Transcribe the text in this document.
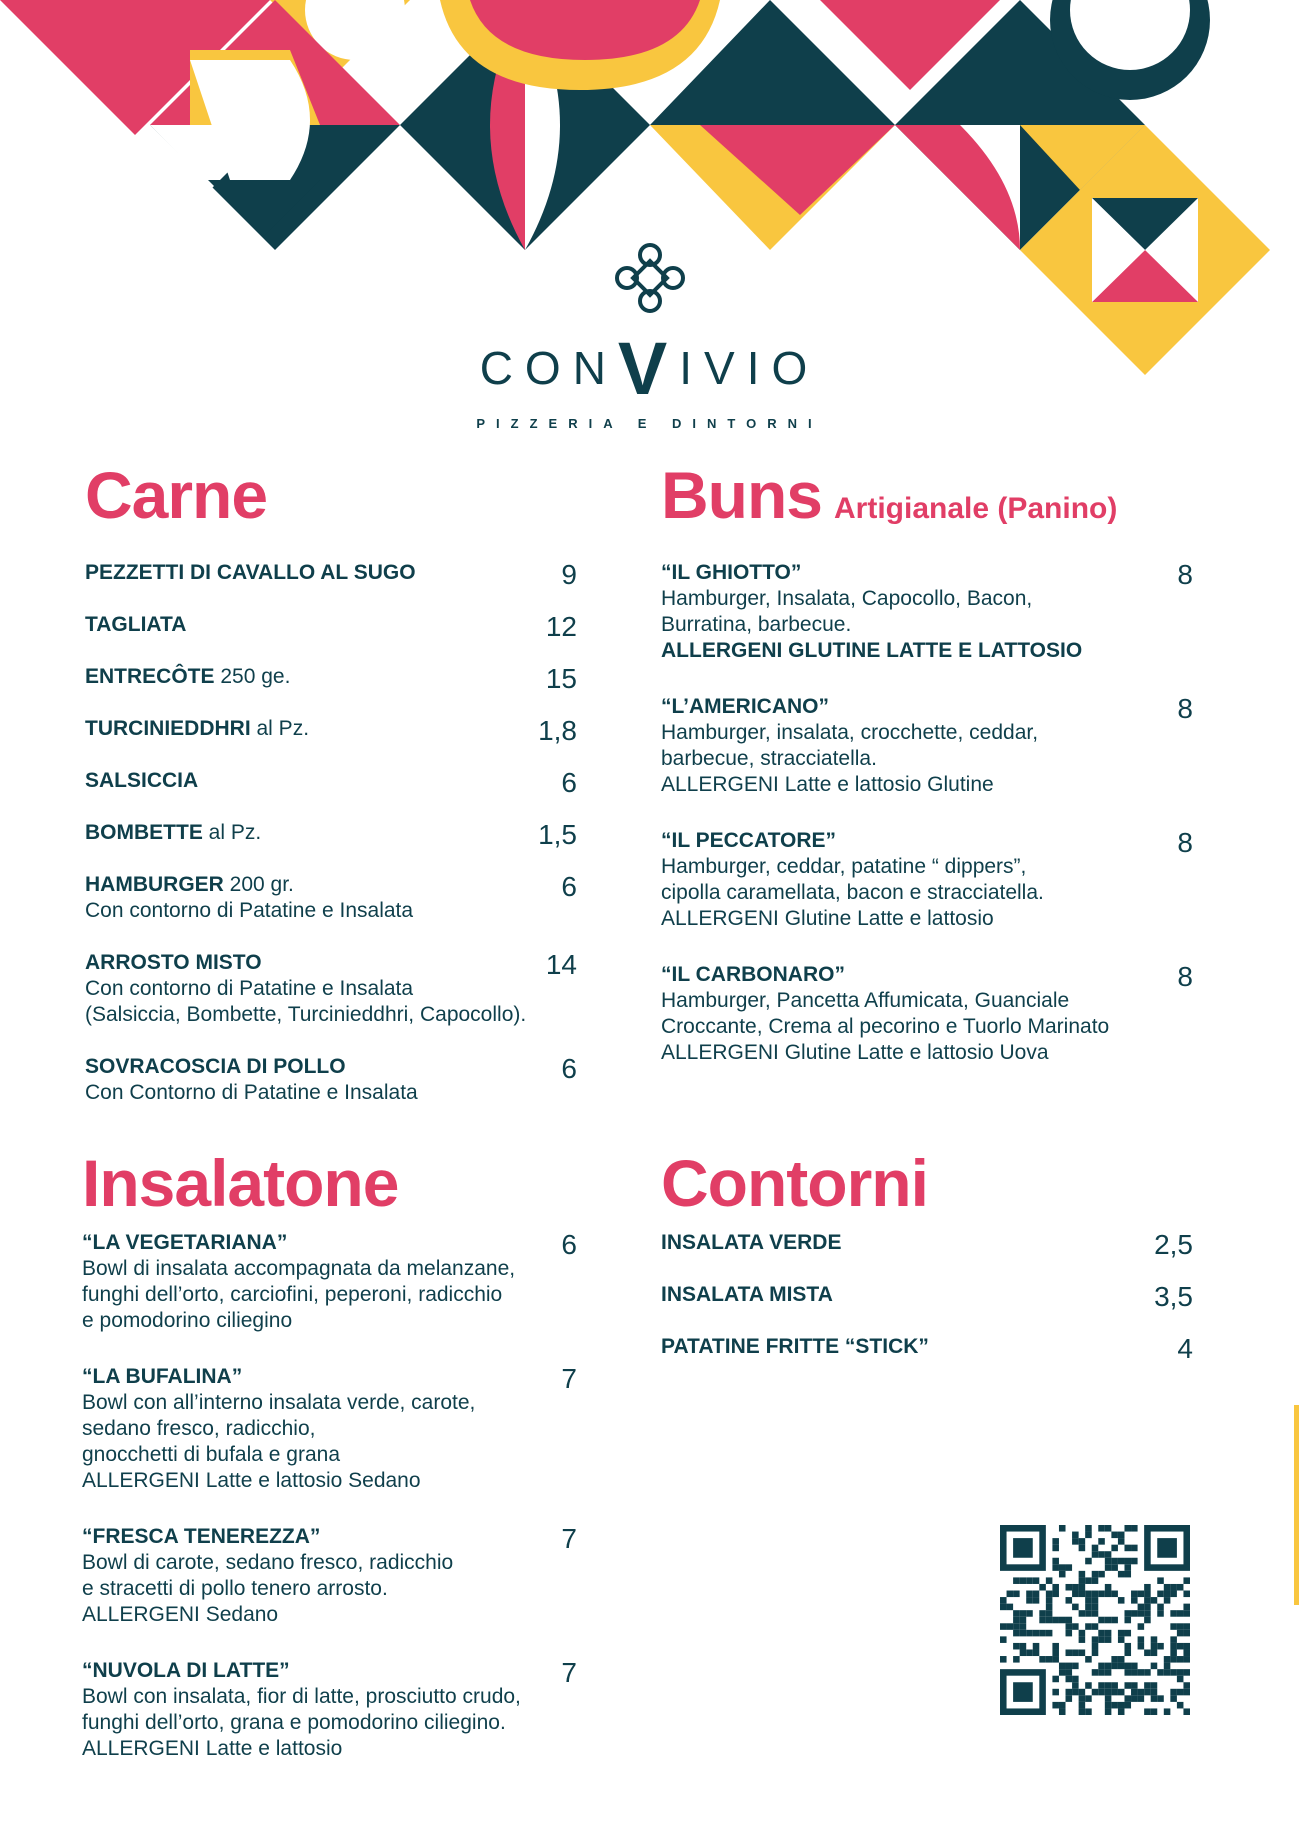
CONVIVIO
PIZZERIA E DINTORNI
Carne
PEZZETTI DI CAVALLO AL SUGO	9
TAGLIATA	12
ENTRECÔTE 250 ge.	15
TURCINIEDDHRI al Pz.	1,8
SALSICCIA	6
BOMBETTE al Pz.	1,5
HAMBURGER 200 gr.	6
Con contorno di Patatine e Insalata
ARROSTO MISTO	14
Con contorno di Patatine e Insalata
(Salsiccia, Bombette, Turcinieddhri, Capocollo).
SOVRACOSCIA DI POLLO	6
Con Contorno di Patatine e Insalata
Buns Artigianale (Panino)
“IL GHIOTTO”	8
Hamburger, Insalata, Capocollo, Bacon,
Burratina, barbecue.
ALLERGENI GLUTINE LATTE E LATTOSIO
“L’AMERICANO”	8
Hamburger, insalata, crocchette, ceddar,
barbecue, stracciatella.
ALLERGENI Latte e lattosio Glutine
“IL PECCATORE”	8
Hamburger, ceddar, patatine “ dippers”,
cipolla caramellata, bacon e stracciatella.
ALLERGENI Glutine Latte e lattosio
“IL CARBONARO”	8
Hamburger, Pancetta Affumicata, Guanciale
Croccante, Crema al pecorino e Tuorlo Marinato
ALLERGENI Glutine Latte e lattosio Uova
Insalatone
“LA VEGETARIANA”	6
Bowl di insalata accompagnata da melanzane,
funghi dell’orto, carciofini, peperoni, radicchio
e pomodorino ciliegino
“LA BUFALINA”	7
Bowl con all’interno insalata verde, carote,
sedano fresco, radicchio,
gnocchetti di bufala e grana
ALLERGENI Latte e lattosio Sedano
“FRESCA TENEREZZA”	7
Bowl di carote, sedano fresco, radicchio
e stracetti di pollo tenero arrosto.
ALLERGENI Sedano
“NUVOLA DI LATTE”	7
Bowl con insalata, fior di latte, prosciutto crudo,
funghi dell’orto, grana e pomodorino ciliegino.
ALLERGENI Latte e lattosio
Contorni
INSALATA VERDE	2,5
INSALATA MISTA	3,5
PATATINE FRITTE “STICK”	4
